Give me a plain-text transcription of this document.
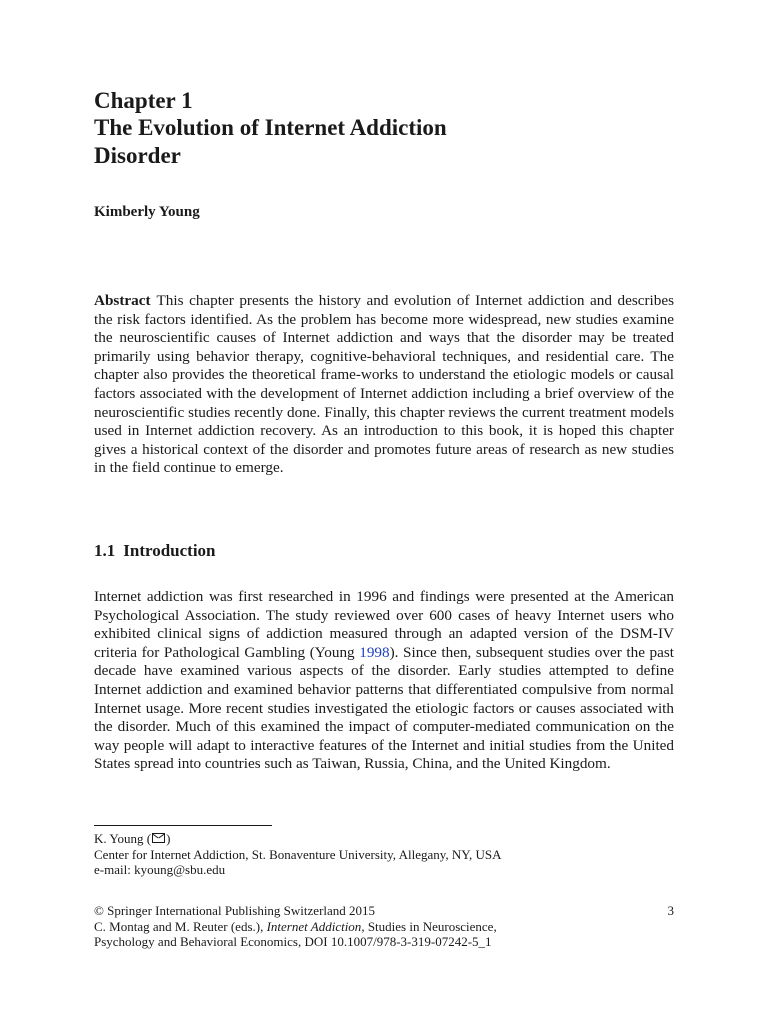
Chapter 1
The Evolution of Internet Addiction
Disorder
Kimberly Young

Abstract This chapter presents the history and evolution of Internet addiction and describes the risk factors identified. As the problem has become more widespread, new studies examine the neuroscientific causes of Internet addiction and ways that the disorder may be treated primarily using behavior therapy, cognitive-behavioral techniques, and residential care. The chapter also provides the theoretical frame-works to understand the etiologic models or causal factors associated with the development of Internet addiction including a brief overview of the neuroscientific studies recently done. Finally, this chapter reviews the current treatment models used in Internet addiction recovery. As an introduction to this book, it is hoped this chapter gives a historical context of the disorder and promotes future areas of research as new studies in the field continue to emerge.

1.1 Introduction

Internet addiction was first researched in 1996 and findings were presented at the American Psychological Association. The study reviewed over 600 cases of heavy Internet users who exhibited clinical signs of addiction measured through an adapted version of the DSM-IV criteria for Pathological Gambling (Young 1998). Since then, subsequent studies over the past decade have examined various aspects of the disorder. Early studies attempted to define Internet addiction and examined behavior patterns that differentiated compulsive from normal Internet usage. More recent studies investigated the etiologic factors or causes associated with the disorder. Much of this examined the impact of computer-mediated communication on the way people will adapt to interactive features of the Internet and initial studies from the United States spread into countries such as Taiwan, Russia, China, and the United Kingdom.

K. Young ( )
Center for Internet Addiction, St. Bonaventure University, Allegany, NY, USA
e-mail: kyoung@sbu.edu
© Springer International Publishing Switzerland 2015
C. Montag and M. Reuter (eds.), Internet Addiction, Studies in Neuroscience,
Psychology and Behavioral Economics, DOI 10.1007/978-3-319-07242-5_1
3
